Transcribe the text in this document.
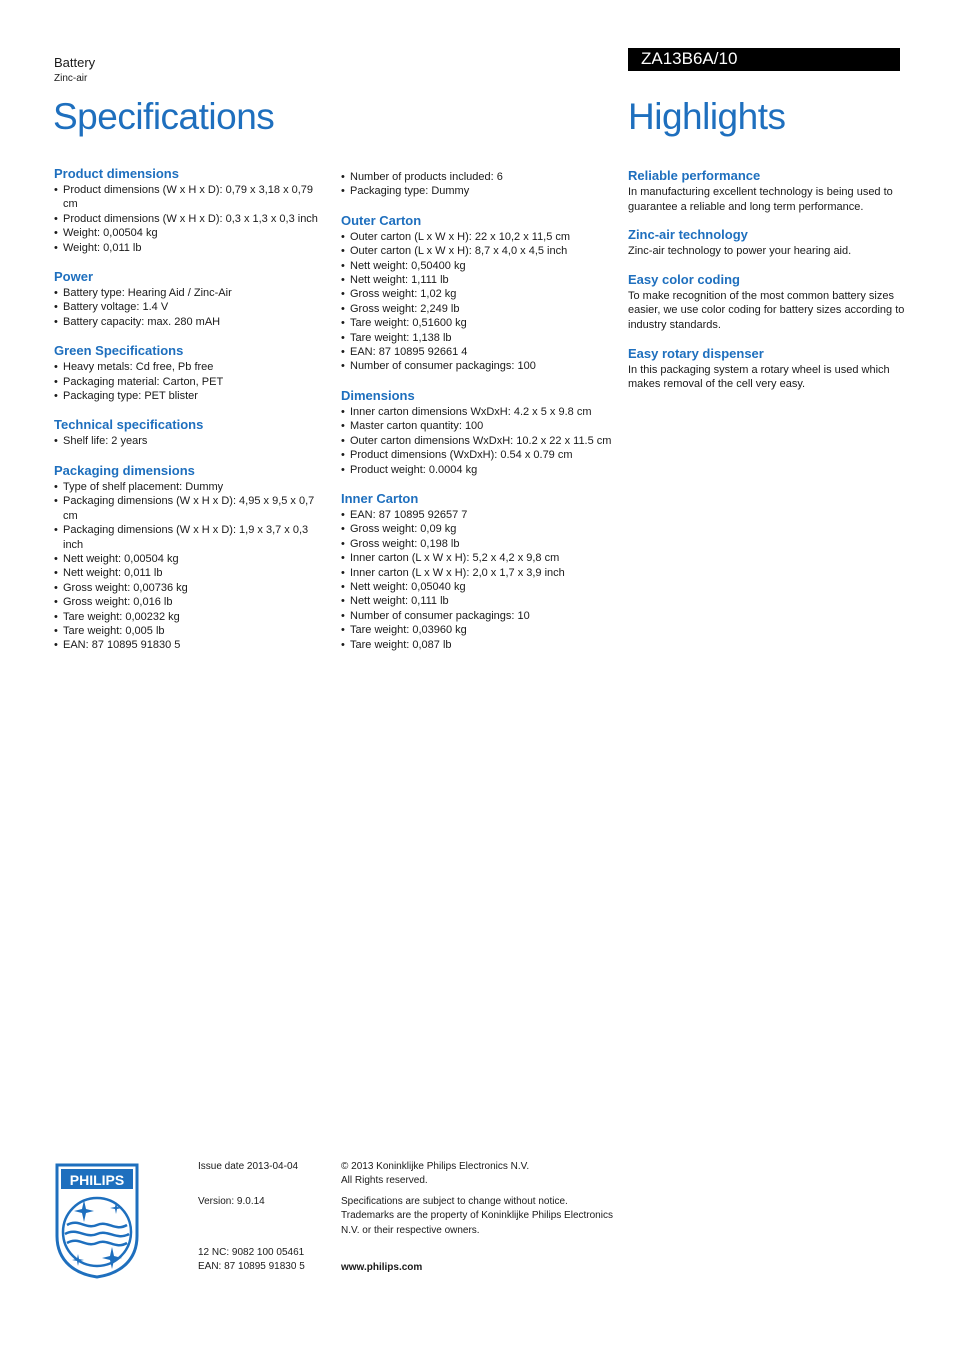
Battery
Zinc-air
Specifications
ZA13B6A/10
Highlights
Product dimensions
• Product dimensions (W x H x D): 0,79 x 3,18 x 0,79 cm
• Product dimensions (W x H x D): 0,3 x 1,3 x 0,3 inch
• Weight: 0,00504 kg
• Weight: 0,011 lb
Power
• Battery type: Hearing Aid / Zinc-Air
• Battery voltage: 1.4 V
• Battery capacity: max. 280 mAH
Green Specifications
• Heavy metals: Cd free, Pb free
• Packaging material: Carton, PET
• Packaging type: PET blister
Technical specifications
• Shelf life: 2 years
Packaging dimensions
• Type of shelf placement: Dummy
• Packaging dimensions (W x H x D): 4,95 x 9,5 x 0,7 cm
• Packaging dimensions (W x H x D): 1,9 x 3,7 x 0,3 inch
• Nett weight: 0,00504 kg
• Nett weight: 0,011 lb
• Gross weight: 0,00736 kg
• Gross weight: 0,016 lb
• Tare weight: 0,00232 kg
• Tare weight: 0,005 lb
• EAN: 87 10895 91830 5
• Number of products included: 6
• Packaging type: Dummy
Outer Carton
• Outer carton (L x W x H): 22 x 10,2 x 11,5 cm
• Outer carton (L x W x H): 8,7 x 4,0 x 4,5 inch
• Nett weight: 0,50400 kg
• Nett weight: 1,111 lb
• Gross weight: 1,02 kg
• Gross weight: 2,249 lb
• Tare weight: 0,51600 kg
• Tare weight: 1,138 lb
• EAN: 87 10895 92661 4
• Number of consumer packagings: 100
Dimensions
• Inner carton dimensions WxDxH: 4.2 x 5 x 9.8 cm
• Master carton quantity: 100
• Outer carton dimensions WxDxH: 10.2 x 22 x 11.5 cm
• Product dimensions (WxDxH): 0.54 x 0.79 cm
• Product weight: 0.0004 kg
Inner Carton
• EAN: 87 10895 92657 7
• Gross weight: 0,09 kg
• Gross weight: 0,198 lb
• Inner carton (L x W x H): 5,2 x 4,2 x 9,8 cm
• Inner carton (L x W x H): 2,0 x 1,7 x 3,9 inch
• Nett weight: 0,05040 kg
• Nett weight: 0,111 lb
• Number of consumer packagings: 10
• Tare weight: 0,03960 kg
• Tare weight: 0,087 lb
Reliable performance
In manufacturing excellent technology is being used to guarantee a reliable and long term performance.
Zinc-air technology
Zinc-air technology to power your hearing aid.
Easy color coding
To make recognition of the most common battery sizes easier, we use color coding for battery sizes according to industry standards.
Easy rotary dispenser
In this packaging system a rotary wheel is used which makes removal of the cell very easy.
PHILIPS
Issue date 2013-04-04
Version: 9.0.14
12 NC: 9082 100 05461
EAN: 87 10895 91830 5
© 2013 Koninklijke Philips Electronics N.V.
All Rights reserved.
Specifications are subject to change without notice. Trademarks are the property of Koninklijke Philips Electronics N.V. or their respective owners.
www.philips.com
